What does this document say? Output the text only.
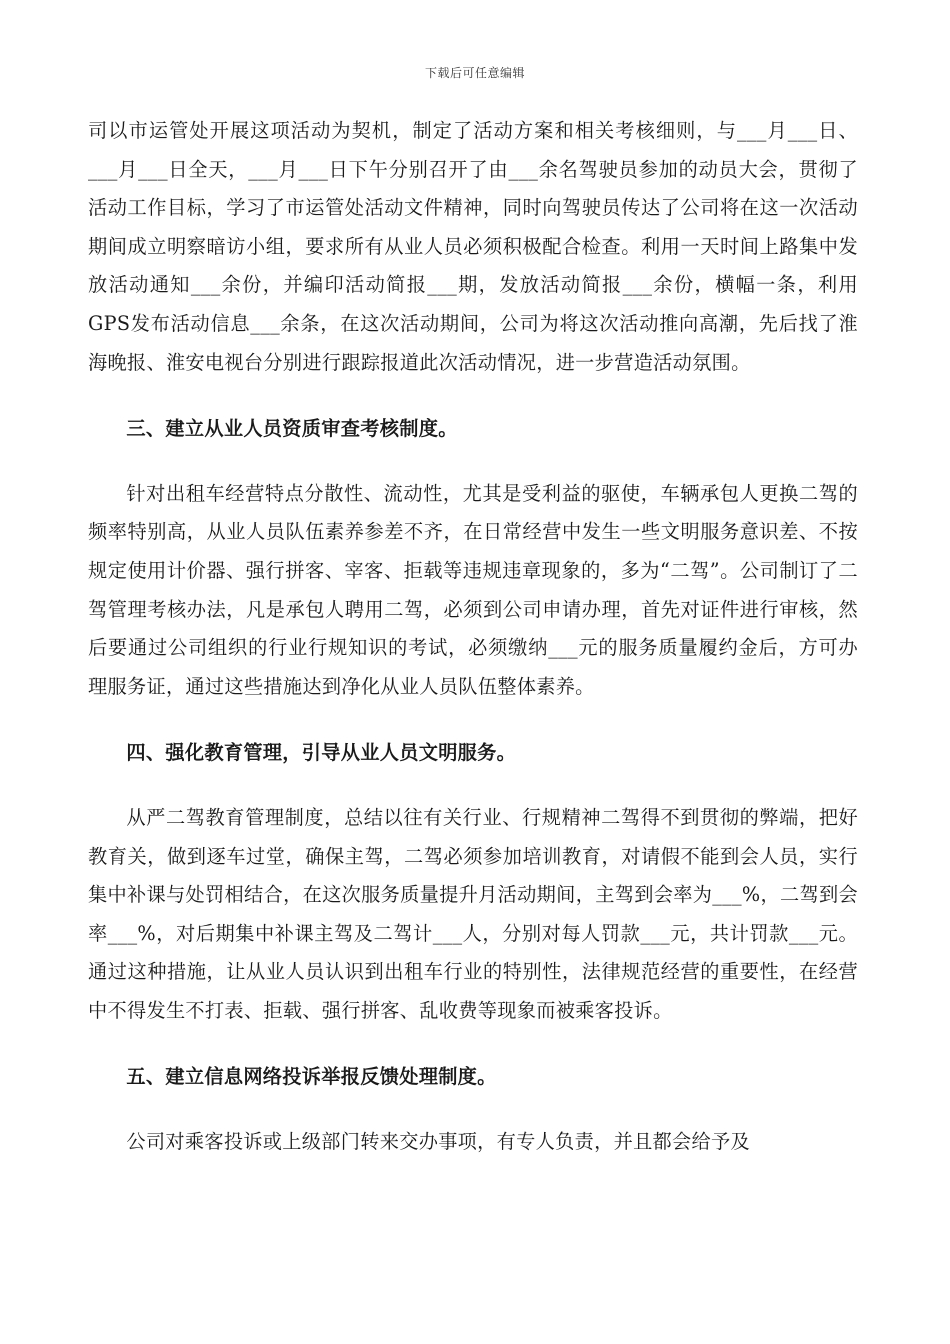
下载后可任意编辑

司以市运管处开展这项活动为契机，制定了活动方案和相关考核细则，与___月___日、___月___日全天，___月___日下午分别召开了由___余名驾驶员参加的动员大会，贯彻了活动工作目标，学习了市运管处活动文件精神，同时向驾驶员传达了公司将在这一次活动期间成立明察暗访小组，要求所有从业人员必须积极配合检查。利用一天时间上路集中发放活动通知___余份，并编印活动简报___期，发放活动简报___余份，横幅一条，利用GPS发布活动信息___余条，在这次活动期间，公司为将这次活动推向高潮，先后找了淮海晚报、淮安电视台分别进行跟踪报道此次活动情况，进一步营造活动氛围。

三、建立从业人员资质审查考核制度。

针对出租车经营特点分散性、流动性，尤其是受利益的驱使，车辆承包人更换二驾的频率特别高，从业人员队伍素养参差不齐，在日常经营中发生一些文明服务意识差、不按规定使用计价器、强行拼客、宰客、拒载等违规违章现象的，多为“二驾”。公司制订了二驾管理考核办法，凡是承包人聘用二驾，必须到公司申请办理，首先对证件进行审核，然后要通过公司组织的行业行规知识的考试，必须缴纳___元的服务质量履约金后，方可办理服务证，通过这些措施达到净化从业人员队伍整体素养。

四、强化教育管理，引导从业人员文明服务。

从严二驾教育管理制度，总结以往有关行业、行规精神二驾得不到贯彻的弊端，把好教育关，做到逐车过堂，确保主驾，二驾必须参加培训教育，对请假不能到会人员，实行集中补课与处罚相结合，在这次服务质量提升月活动期间，主驾到会率为___%，二驾到会率___%，对后期集中补课主驾及二驾计___人，分别对每人罚款___元，共计罚款___元。通过这种措施，让从业人员认识到出租车行业的特别性，法律规范经营的重要性，在经营中不得发生不打表、拒载、强行拼客、乱收费等现象而被乘客投诉。

五、建立信息网络投诉举报反馈处理制度。

公司对乘客投诉或上级部门转来交办事项，有专人负责，并且都会给予及
